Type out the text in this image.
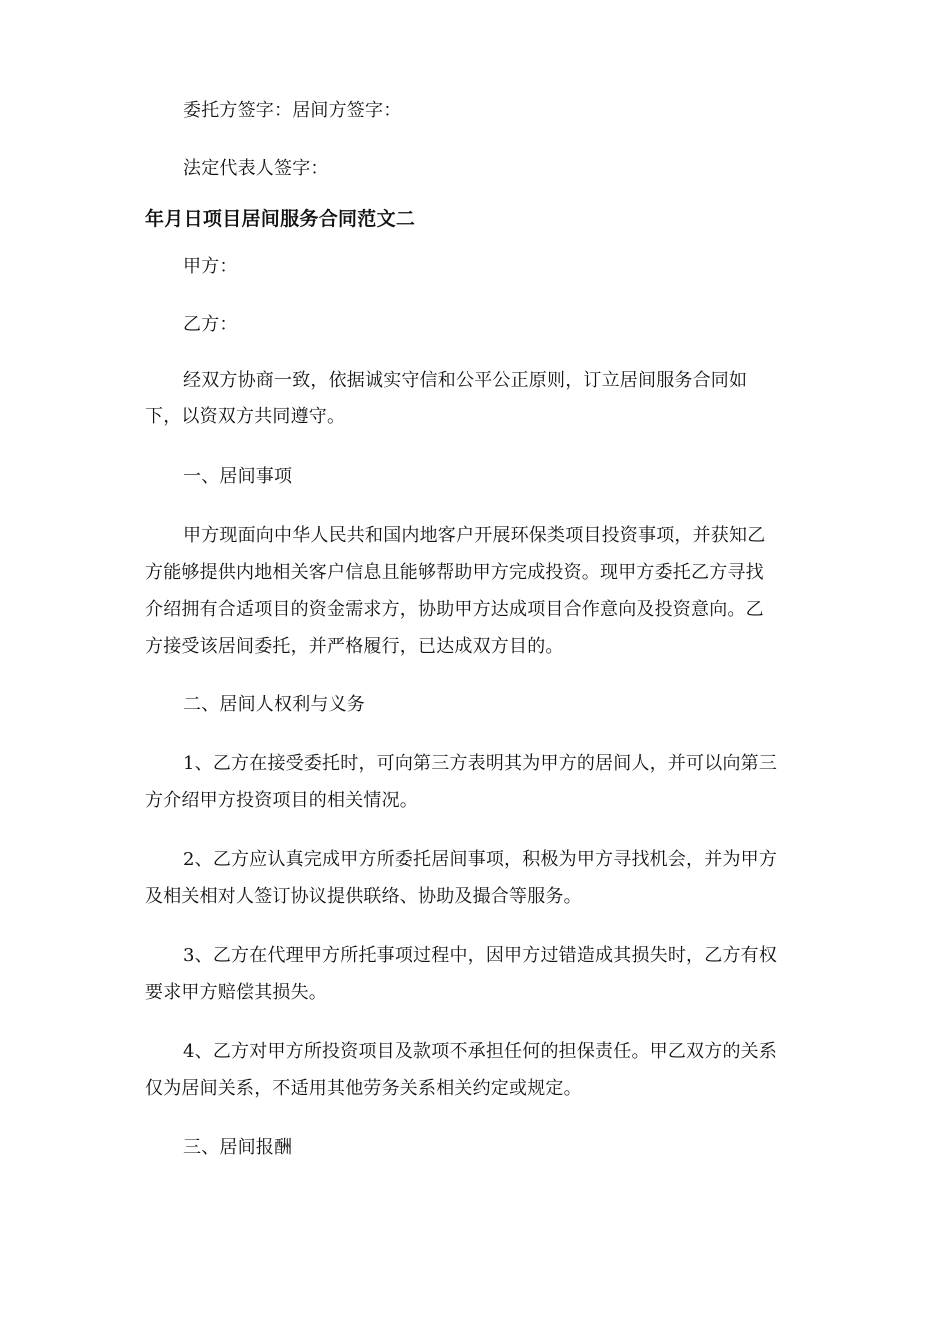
委托方签字：居间方签字：
法定代表人签字：
年月日项目居间服务合同范文二
甲方：
乙方：
经双方协商一致，依据诚实守信和公平公正原则，订立居间服务合同如
下，以资双方共同遵守。
一、居间事项
甲方现面向中华人民共和国内地客户开展环保类项目投资事项，并获知乙
方能够提供内地相关客户信息且能够帮助甲方完成投资。现甲方委托乙方寻找
介绍拥有合适项目的资金需求方，协助甲方达成项目合作意向及投资意向。乙
方接受该居间委托，并严格履行，已达成双方目的。
二、居间人权利与义务
1、乙方在接受委托时，可向第三方表明其为甲方的居间人，并可以向第三
方介绍甲方投资项目的相关情况。
2、乙方应认真完成甲方所委托居间事项，积极为甲方寻找机会，并为甲方
及相关相对人签订协议提供联络、协助及撮合等服务。
3、乙方在代理甲方所托事项过程中，因甲方过错造成其损失时，乙方有权
要求甲方赔偿其损失。
4、乙方对甲方所投资项目及款项不承担任何的担保责任。甲乙双方的关系
仅为居间关系，不适用其他劳务关系相关约定或规定。
三、居间报酬
